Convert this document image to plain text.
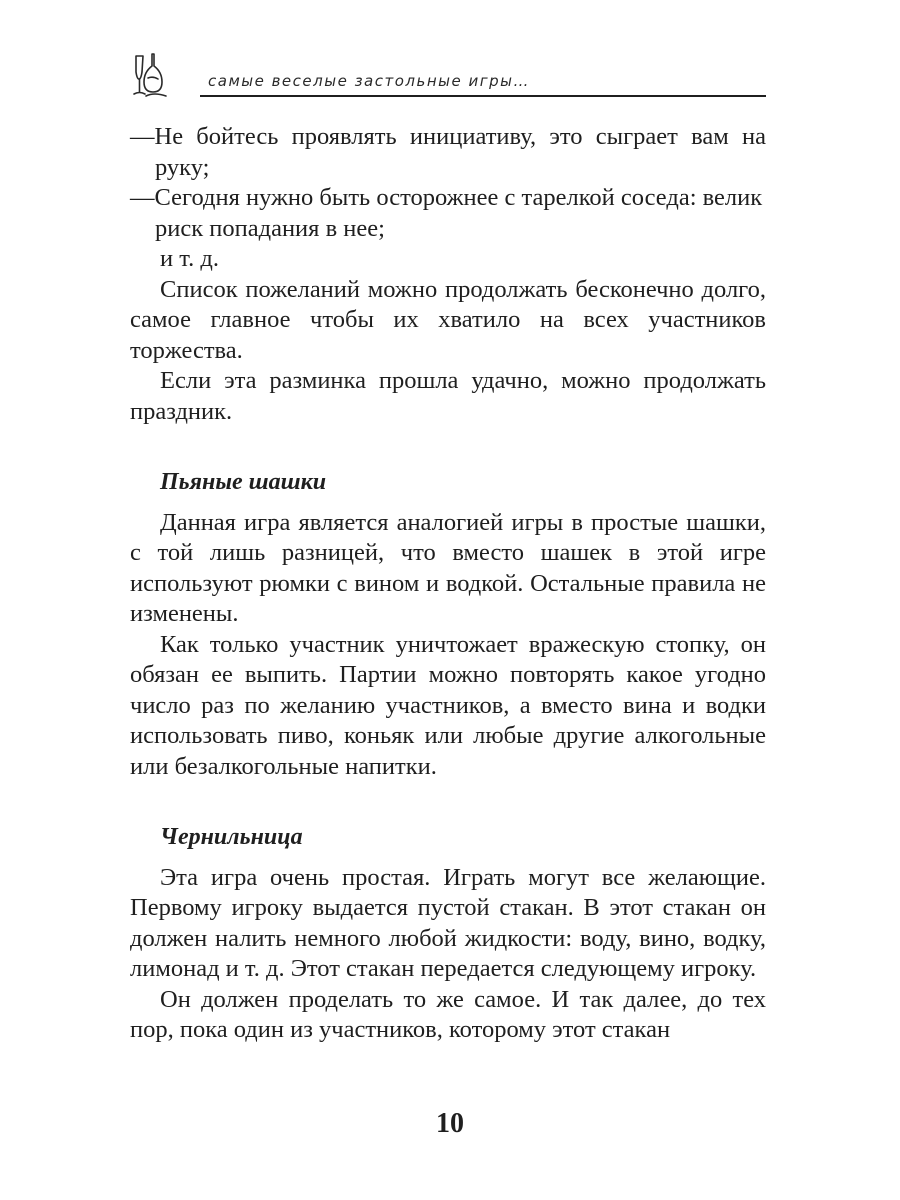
самые веселые застольные игры…

—Не бойтесь проявлять инициативу, это сыграет вам на руку;

—Сегодня нужно быть осторожнее с тарелкой соседа: велик риск попадания в нее;

и т. д.

Список пожеланий можно продолжать бесконечно долго, самое главное чтобы их хватило на всех участников торжества.

Если эта разминка прошла удачно, можно продолжать праздник.

Пьяные шашки

Данная игра является аналогией игры в простые шашки, с той лишь разницей, что вместо шашек в этой игре используют рюмки с вином и водкой. Остальные правила не изменены.

Как только участник уничтожает вражескую стопку, он обязан ее выпить. Партии можно повторять какое угодно число раз по желанию участников, а вместо вина и водки использовать пиво, коньяк или любые другие алкогольные или безалкогольные напитки.

Чернильница

Эта игра очень простая. Играть могут все желающие. Первому игроку выдается пустой стакан. В этот стакан он должен налить немного любой жидкости: воду, вино, водку, лимонад и т. д. Этот стакан передается следующему игроку.

Он должен проделать то же самое. И так далее, до тех пор, пока один из участников, которому этот стакан

10
